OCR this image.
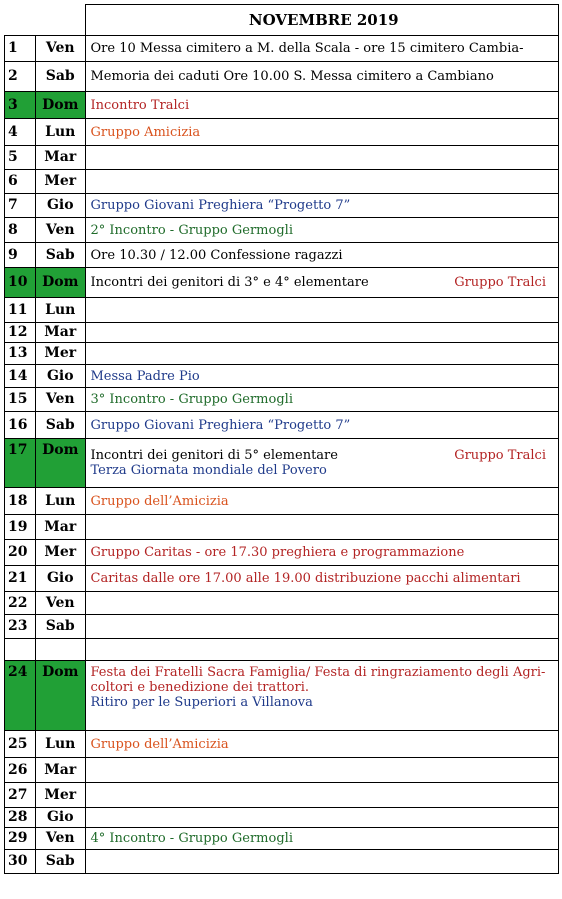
		NOVEMBRE 2019
1	Ven	Ore 10 Messa cimitero a M. della Scala - ore 15 cimitero Cambia-

2	Sab	Memoria dei caduti Ore 10.00 S. Messa cimitero a Cambiano

3	Dom	Incontro Tralci

4	Lun	Gruppo Amicizia

5	Mar	
6	Mer	
7	Gio	Gruppo Giovani Preghiera “Progetto 7”

8	Ven	2° Incontro - Gruppo Germogli

9	Sab	Ore 10.30 / 12.00 Confessione ragazzi

10	Dom	Incontri dei genitori di 3° e 4° elementare Gruppo Tralci

11	Lun	
12	Mar	
13	Mer	
14	Gio	Messa Padre Pio

15	Ven	3° Incontro - Gruppo Germogli

16	Sab	Gruppo Giovani Preghiera “Progetto 7”

17	Dom	Incontri dei genitori di 5° elementare Gruppo Tralci
Terza Giornata mondiale del Povero

18	Lun	Gruppo dell’Amicizia

19	Mar	
20	Mer	Gruppo Caritas - ore 17.30 preghiera e programmazione

21	Gio	Caritas dalle ore 17.00 alle 19.00 distribuzione pacchi alimentari

22	Ven	
23	Sab	

24	Dom	Festa dei Fratelli Sacra Famiglia/ Festa di ringraziamento degli Agri-
coltori e benedizione dei trattori.
Ritiro per le Superiori a Villanova

25	Lun	Gruppo dell’Amicizia

26	Mar	
27	Mer	
28	Gio	
29	Ven	4° Incontro - Gruppo Germogli

30	Sab	
